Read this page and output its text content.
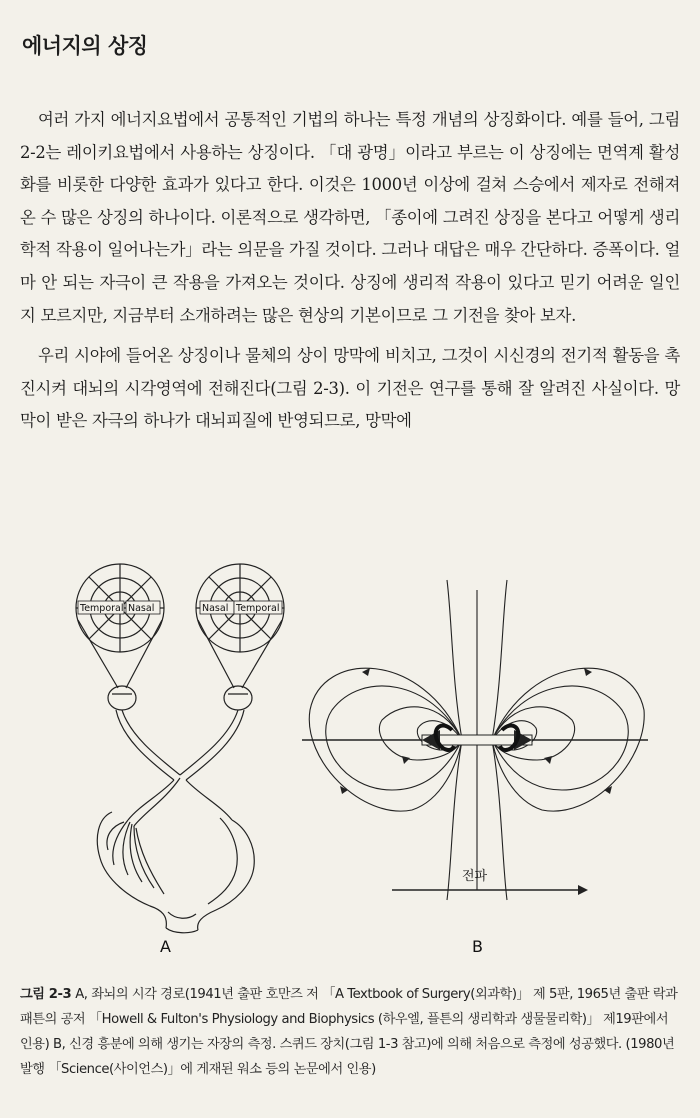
에너지의 상징

여러 가지 에너지요법에서 공통적인 기법의 하나는 특정 개념의 상징화이다. 예를 들어, 그림 2-2는 레이키요법에서 사용하는 상징이다. 「대 광명」이라고 부르는 이 상징에는 면역계 활성화를 비롯한 다양한 효과가 있다고 한다. 이것은 1000년 이상에 걸쳐 스승에서 제자로 전해져 온 수 많은 상징의 하나이다. 이론적으로 생각하면, 「종이에 그려진 상징을 본다고 어떻게 생리학적 작용이 일어나는가」라는 의문을 가질 것이다. 그러나 대답은 매우 간단하다. 증폭이다. 얼마 안 되는 자극이 큰 작용을 가져오는 것이다. 상징에 생리적 작용이 있다고 믿기 어려운 일인지 모르지만, 지금부터 소개하려는 많은 현상의 기본이므로 그 기전을 찾아 보자.

우리 시야에 들어온 상징이나 물체의 상이 망막에 비치고, 그것이 시신경의 전기적 활동을 촉진시켜 대뇌의 시각영역에 전해진다(그림 2-3). 이 기전은 연구를 통해 잘 알려진 사실이다. 망막이 받은 자극의 하나가 대뇌피질에 반영되므로, 망막에

Temporal Nasal	Nasal Temporal
A
전파
B
그림 2-3 A, 좌뇌의 시각 경로(1941년 출판 호만즈 저 「A Textbook of Surgery(외과학)」 제 5판, 1965년 출판 락과 패튼의 공저 「Howell & Fulton's Physiology and Biophysics (하우엘, 플튼의 생리학과 생물물리학)」 제19판에서 인용) B, 신경 흥분에 의해 생기는 자장의 측정. 스퀴드 장치(그림 1-3 참고)에 의해 처음으로 측정에 성공했다. (1980년 발행 「Science(사이언스)」에 게재된 워소 등의 논문에서 인용)
